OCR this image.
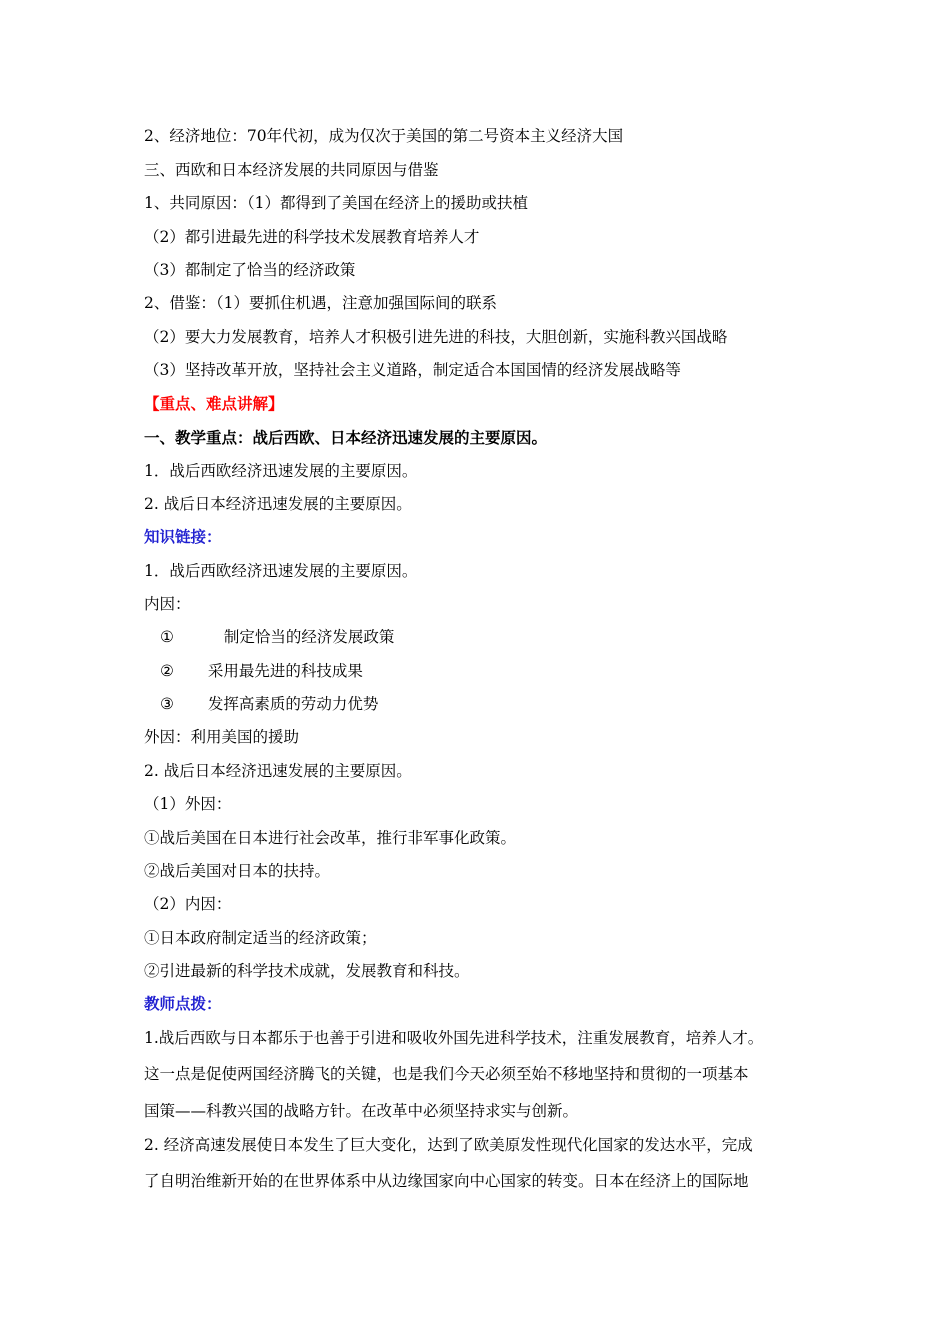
2、经济地位：70年代初，成为仅次于美国的第二号资本主义经济大国
三、西欧和日本经济发展的共同原因与借鉴
1、共同原因：（1）都得到了美国在经济上的援助或扶植
（2）都引进最先进的科学技术发展教育培养人才
（3）都制定了恰当的经济政策
2、借鉴：（1）要抓住机遇，注意加强国际间的联系
（2）要大力发展教育，培养人才积极引进先进的科技，大胆创新，实施科教兴国战略
（3）坚持改革开放，坚持社会主义道路，制定适合本国国情的经济发展战略等
【重点、难点讲解】
一、教学重点：战后西欧、日本经济迅速发展的主要原因。
1．战后西欧经济迅速发展的主要原因。
2. 战后日本经济迅速发展的主要原因。
知识链接：
1．战后西欧经济迅速发展的主要原因。
内因：
①	制定恰当的经济发展政策
② 采用最先进的科技成果
③ 发挥高素质的劳动力优势
外因：利用美国的援助
2. 战后日本经济迅速发展的主要原因。
（1）外因：
①战后美国在日本进行社会改革，推行非军事化政策。
②战后美国对日本的扶持。
（2）内因：
①日本政府制定适当的经济政策；
②引进最新的科学技术成就，发展教育和科技。
教师点拨：
1.战后西欧与日本都乐于也善于引进和吸收外国先进科学技术，注重发展教育，培养人才。
这一点是促使两国经济腾飞的关键，也是我们今天必须至始不移地坚持和贯彻的一项基本
国策——科教兴国的战略方针。在改革中必须坚持求实与创新。
2. 经济高速发展使日本发生了巨大变化，达到了欧美原发性现代化国家的发达水平，完成
了自明治维新开始的在世界体系中从边缘国家向中心国家的转变。日本在经济上的国际地
